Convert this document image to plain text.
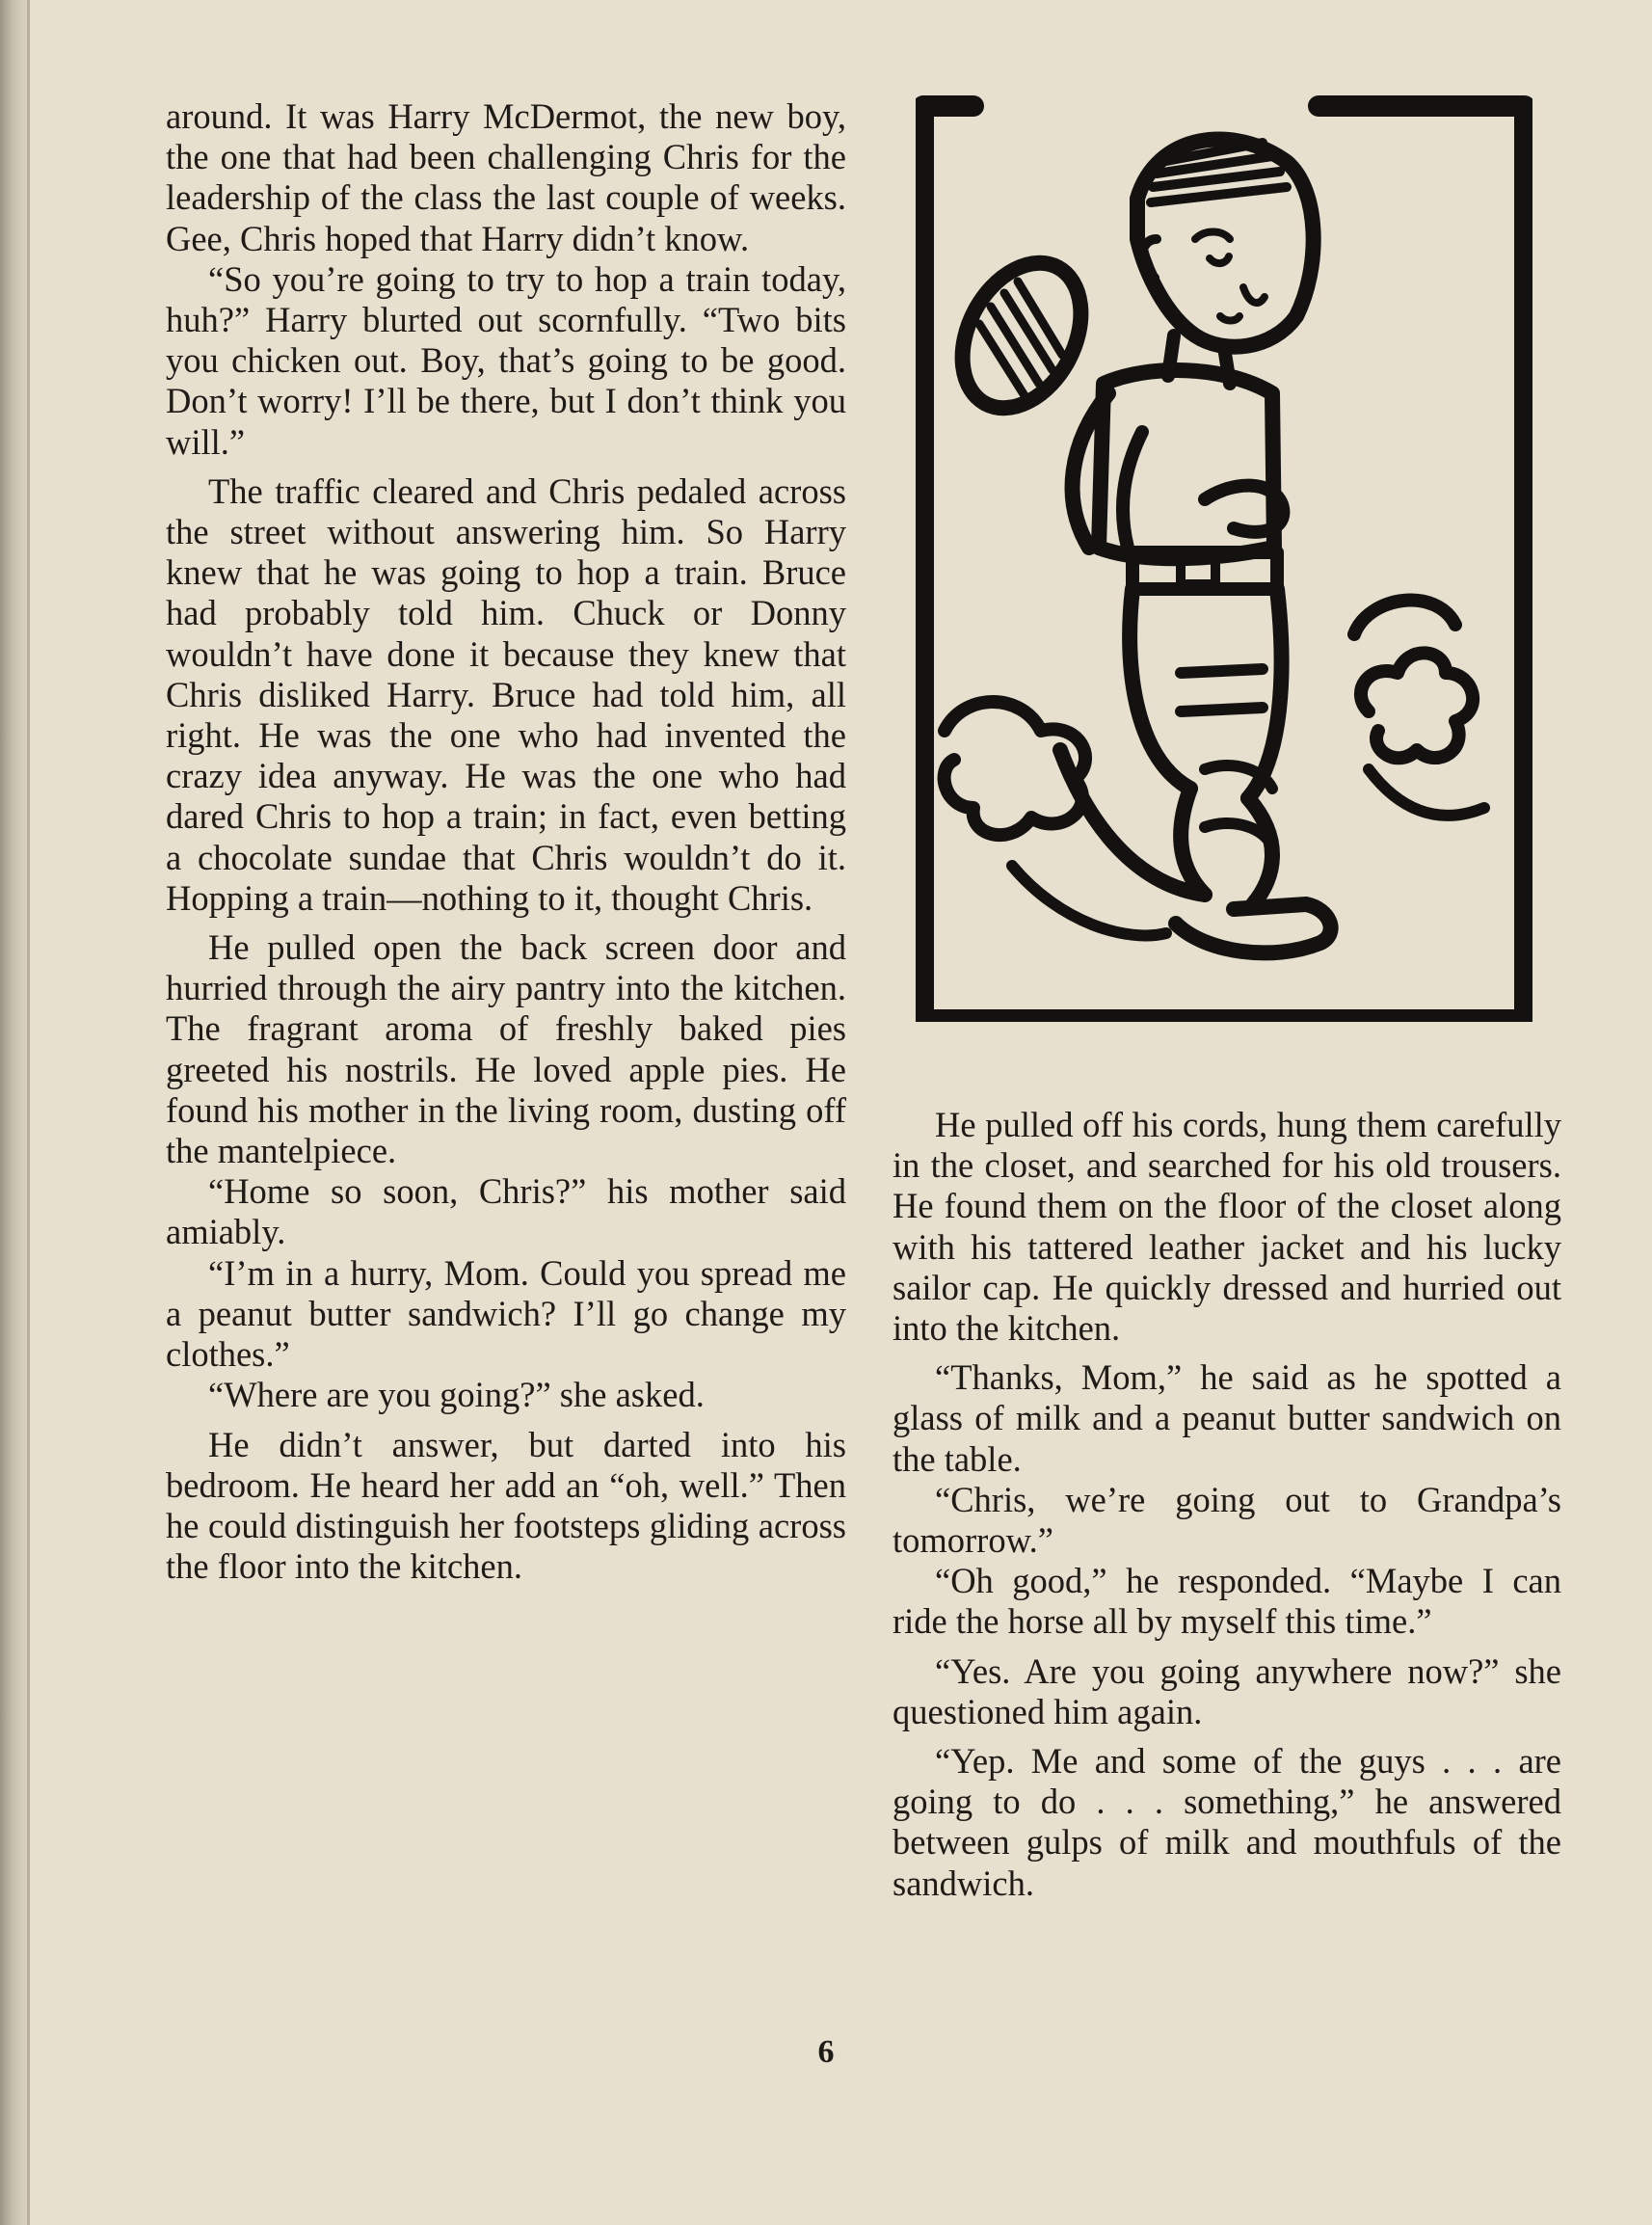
around. It was Harry McDermot, the new boy, the one that had been challenging Chris for the leadership of the class the last couple of weeks. Gee, Chris hoped that Harry didn’t know.

“So you’re going to try to hop a train today, huh?” Harry blurted out scornfully. “Two bits you chicken out. Boy, that’s going to be good. Don’t worry! I’ll be there, but I don’t think you will.”

The traffic cleared and Chris pedaled across the street without answering him. So Harry knew that he was going to hop a train. Bruce had probably told him. Chuck or Donny wouldn’t have done it because they knew that Chris disliked Harry. Bruce had told him, all right. He was the one who had invented the crazy idea anyway. He was the one who had dared Chris to hop a train; in fact, even betting a chocolate sundae that Chris wouldn’t do it. Hopping a train—nothing to it, thought Chris.

He pulled open the back screen door and hurried through the airy pantry into the kitchen. The fragrant aroma of freshly baked pies greeted his nostrils. He loved apple pies. He found his mother in the living room, dusting off the mantelpiece.

“Home so soon, Chris?” his mother said amiably.

“I’m in a hurry, Mom. Could you spread me a peanut butter sandwich? I’ll go change my clothes.”

“Where are you going?” she asked.

He didn’t answer, but darted into his bedroom. He heard her add an “oh, well.” Then he could distinguish her footsteps gliding across the floor into the kitchen.

He pulled off his cords, hung them carefully in the closet, and searched for his old trousers. He found them on the floor of the closet along with his tattered leather jacket and his lucky sailor cap. He quickly dressed and hurried out into the kitchen.

“Thanks, Mom,” he said as he spotted a glass of milk and a peanut butter sandwich on the table.

“Chris, we’re going out to Grandpa’s tomorrow.”

“Oh good,” he responded. “Maybe I can ride the horse all by myself this time.”

“Yes. Are you going anywhere now?” she questioned him again.

“Yep. Me and some of the guys . . . are going to do . . . something,” he answered between gulps of milk and mouthfuls of the sandwich.

6
